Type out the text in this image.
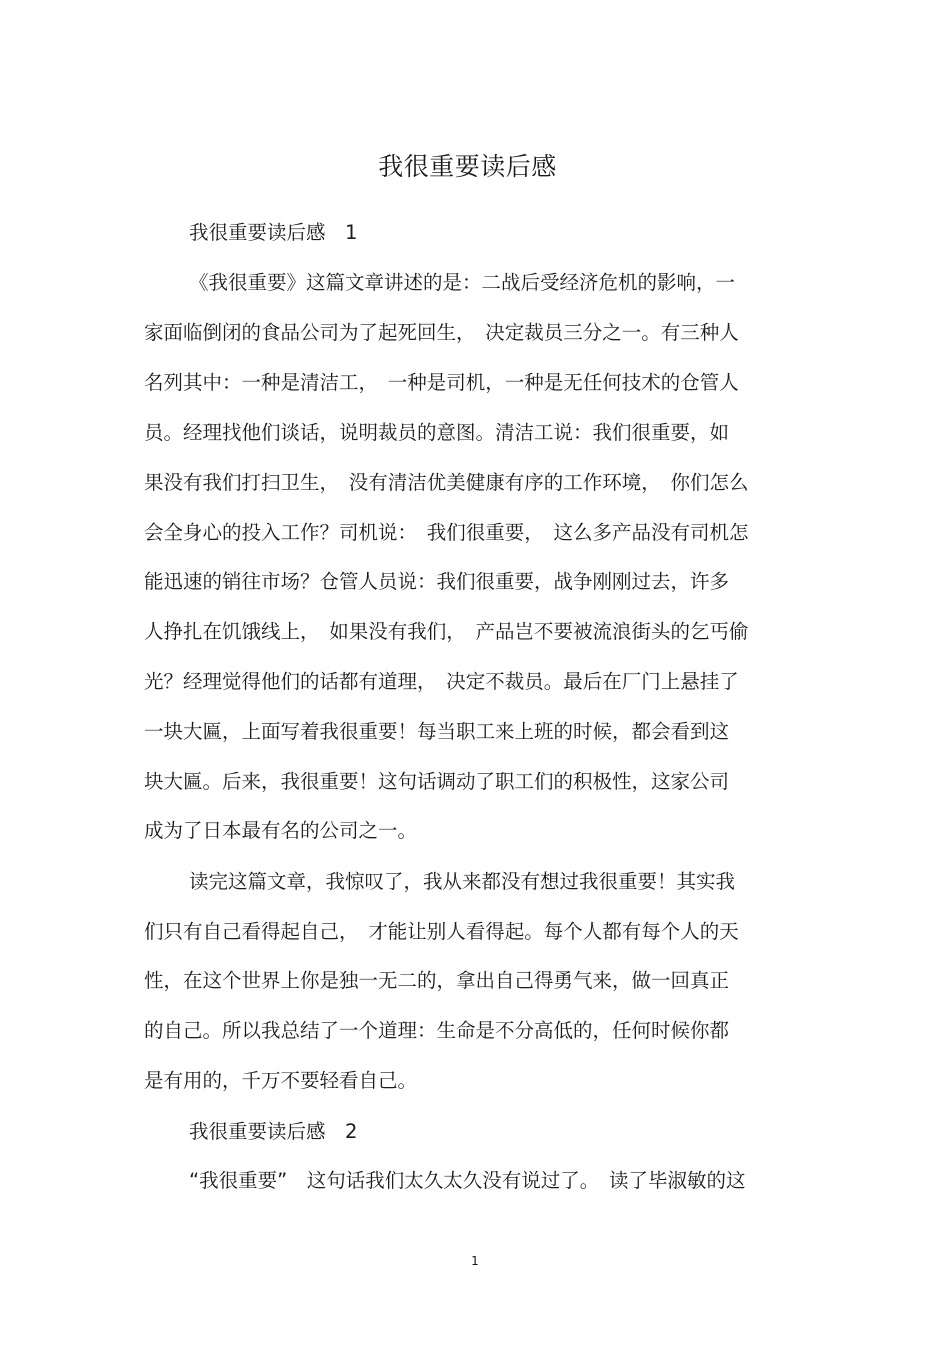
我很重要读后感
我很重要读后感　1
《我很重要》这篇文章讲述的是：二战后受经济危机的影响，一
家面临倒闭的食品公司为了起死回生，　决定裁员三分之一。有三种人
名列其中：一种是清洁工，　一种是司机，一种是无任何技术的仓管人
员。经理找他们谈话，说明裁员的意图。清洁工说：我们很重要，如
果没有我们打扫卫生，　没有清洁优美健康有序的工作环境，　你们怎么
会全身心的投入工作？司机说：　我们很重要，　这么多产品没有司机怎
能迅速的销往市场？仓管人员说：我们很重要，战争刚刚过去，许多
人挣扎在饥饿线上，　如果没有我们，　产品岂不要被流浪街头的乞丐偷
光？经理觉得他们的话都有道理，　决定不裁员。最后在厂门上悬挂了
一块大匾，上面写着我很重要！每当职工来上班的时候，都会看到这
块大匾。后来，我很重要！这句话调动了职工们的积极性，这家公司
成为了日本最有名的公司之一。
读完这篇文章，我惊叹了，我从来都没有想过我很重要！其实我
们只有自己看得起自己，　才能让别人看得起。每个人都有每个人的天
性，在这个世界上你是独一无二的，拿出自己得勇气来，做一回真正
的自己。所以我总结了一个道理：生命是不分高低的，任何时候你都
是有用的，千万不要轻看自己。
我很重要读后感　2
“我很重要”　这句话我们太久太久没有说过了。　读了毕淑敏的这
1
